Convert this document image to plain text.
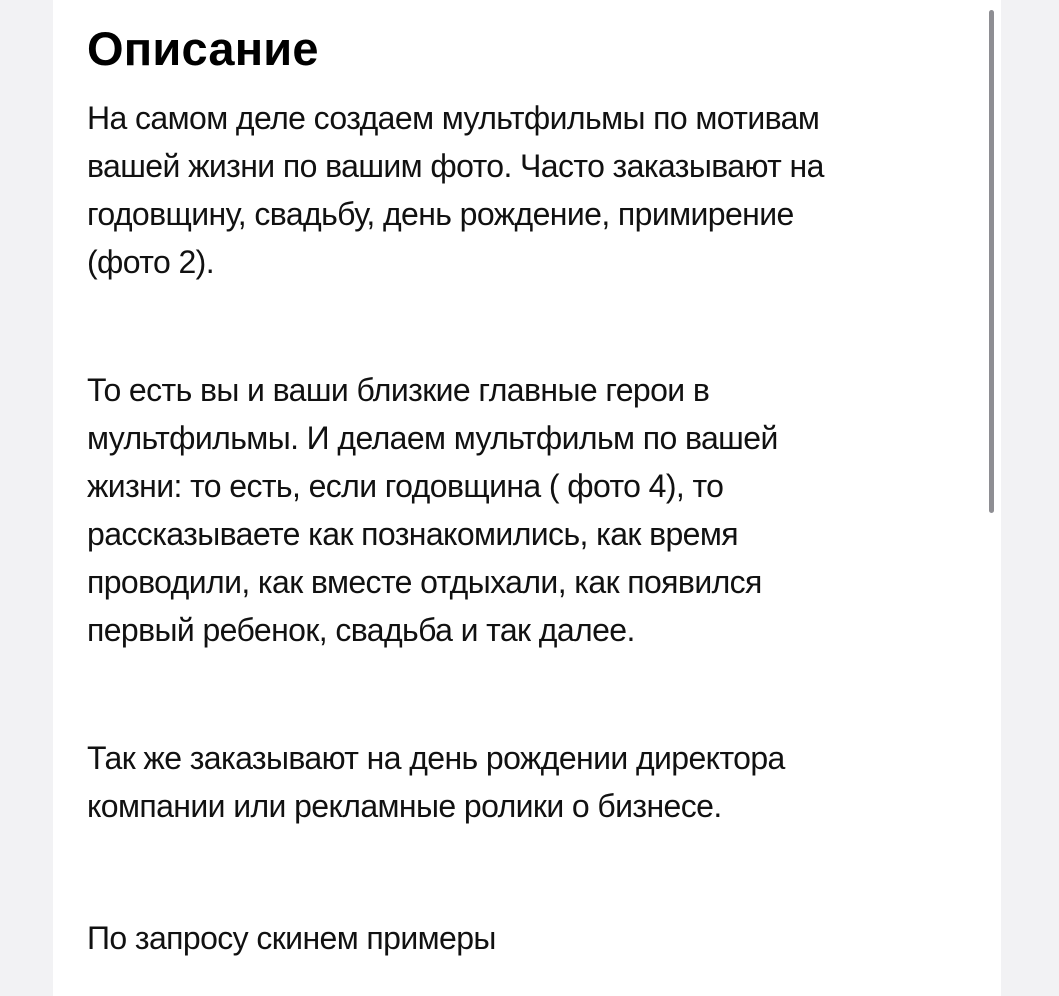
Описание

На самом деле создаем мультфильмы по мотивам
вашей жизни по вашим фото. Часто заказывают на
годовщину, свадьбу, день рождение, примирение
(фото 2).

То есть вы и ваши близкие главные герои в
мультфильмы. И делаем мультфильм по вашей
жизни: то есть, если годовщина ( фото 4), то
рассказываете как познакомились, как время
проводили, как вместе отдыхали, как появился
первый ребенок, свадьба и так далее.

Так же заказывают на день рождении директора
компании или рекламные ролики о бизнесе.

По запросу скинем примеры
